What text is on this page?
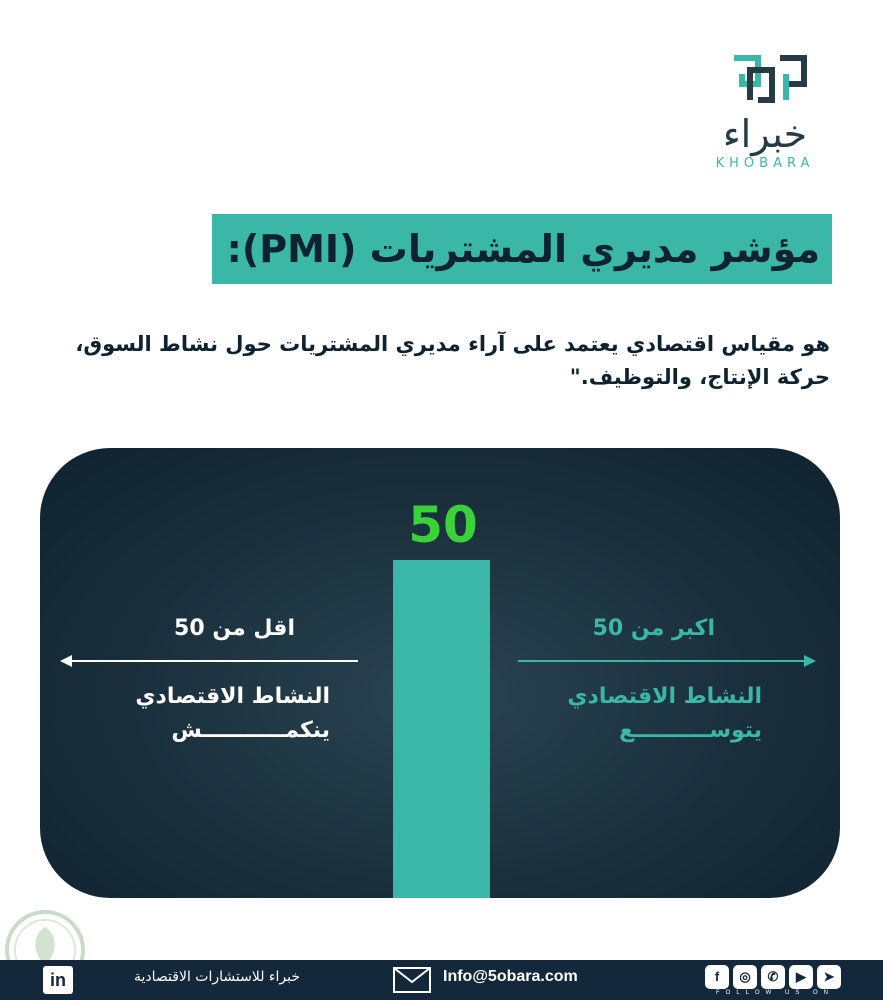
خبراء
KHOBARA
مؤشر مديري المشتريات (PMI):
هو مقياس اقتصادي يعتمد على آراء مديري المشتريات حول نشاط السوق،
حركة الإنتاج، والتوظيف."
50
اقل من 50
النشاط الاقتصادي
ينكمـــــــــــش
اكبر من 50
النشاط الاقتصادي
يتوســــــــــع
in	خبراء للاستشارات الاقتصادية	Info@5obara.com	f	◎	✆	▶	➤
FOLLOW US ON
